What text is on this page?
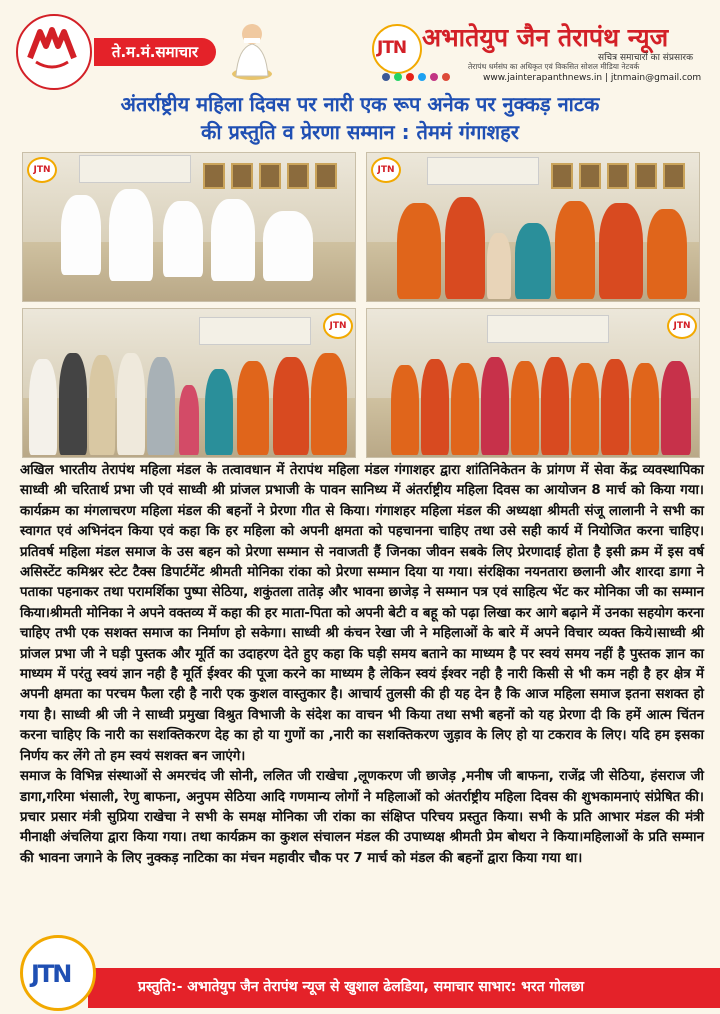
ते.म.मं.समाचार	JTN अभातेयुप जैन तेरापंथ न्यूज
सचित्र समाचारों का संप्रसारक
तेरापंथ धर्मसंघ का अधिकृत एवं विकसित सोशल मीडिया नेटवर्क
www.jainterapanthnews.in | jtnmain@gmail.com
अंतर्राष्ट्रीय महिला दिवस पर नारी एक रूप अनेक पर नुक्कड़ नाटक
की प्रस्तुति व प्रेरणा सम्मान : तेममं गंगाशहर
JTN	JTN
JTN	JTN

अखिल भारतीय तेरापंथ महिला मंडल के तत्वावधान में तेरापंथ महिला मंडल गंगाशहर द्वारा शांतिनिकेतन के प्रांगण में सेवा केंद्र व्यवस्थापिका साध्वी श्री चरितार्थ प्रभा जी एवं साध्वी श्री प्रांजल प्रभाजी के पावन सानिध्य में अंतर्राष्ट्रीय महिला दिवस का आयोजन 8 मार्च को किया गया। कार्यक्रम का मंगलाचरण महिला मंडल की बहनों ने प्रेरणा गीत से किया। गंगाशहर महिला मंडल की अध्यक्षा श्रीमती संजू लालानी ने सभी का स्वागत एवं अभिनंदन किया एवं कहा कि हर महिला को अपनी क्षमता को पहचानना चाहिए तथा उसे सही कार्य में नियोजित करना चाहिए। प्रतिवर्ष महिला मंडल समाज के उस बहन को प्रेरणा सम्मान से नवाजती हैं जिनका जीवन सबके लिए प्रेरणादाई होता है इसी क्रम में इस वर्ष असिस्टेंट कमिश्नर स्टेट टैक्स डिपार्टमेंट श्रीमती मोनिका रांका को प्रेरणा सम्मान दिया या गया। संरक्षिका नयनतारा छलानी और शारदा डागा ने पताका पहनाकर तथा परामर्शिका पुष्पा सेठिया, शकुंतला तातेड़ और भावना छाजेड़ ने सम्मान पत्र एवं साहित्य भेंट कर मोनिका जी का सम्मान किया।श्रीमती मोनिका ने अपने वक्तव्य में कहा की हर माता-पिता को अपनी बेटी व बहू को पढ़ा लिखा कर आगे बढ़ाने में उनका सहयोग करना चाहिए तभी एक सशक्त समाज का निर्माण हो सकेगा। साध्वी श्री कंचन रेखा जी ने महिलाओं के बारे में अपने विचार व्यक्त किये।साध्वी श्री प्रांजल प्रभा जी ने घड़ी पुस्तक और मूर्ति का उदाहरण देते हुए कहा कि घड़ी समय बताने का माध्यम है पर स्वयं समय नहीं है पुस्तक ज्ञान का माध्यम में परंतु स्वयं ज्ञान नही है मूर्ति ईश्वर की पूजा करने का माध्यम है लेकिन स्वयं ईश्वर नही है नारी किसी से भी कम नही है हर क्षेत्र में अपनी क्षमता का परचम फैला रही है नारी एक कुशल वास्तुकार है। आचार्य तुलसी की ही यह देन है कि आज महिला समाज इतना सशक्त हो गया है। साध्वी श्री जी ने साध्वी प्रमुखा विश्रुत विभाजी के संदेश का वाचन भी किया तथा सभी बहनों को यह प्रेरणा दी कि हमें आत्म चिंतन करना चाहिए कि नारी का सशक्तिकरण देह का हो या गुणों का ,नारी का सशक्तिकरण जुड़ाव के लिए हो या टकराव के लिए। यदि हम इसका निर्णय कर लेंगे तो हम स्वयं सशक्त बन जाएंगे।

समाज के विभिन्न संस्थाओं से अमरचंद जी सोनी, ललित जी राखेचा ,लूणकरण जी छाजेड़ ,मनीष जी बाफना, राजेंद्र जी सेठिया, हंसराज जी डागा,गरिमा भंसाली, रेणु बाफना, अनुपम सेठिया आदि गणमान्य लोगों ने महिलाओं को अंतर्राष्ट्रीय महिला दिवस की शुभकामनाएं संप्रेषित की। प्रचार प्रसार मंत्री सुप्रिया राखेचा ने सभी के समक्ष मोनिका जी रांका का संक्षिप्त परिचय प्रस्तुत किया। सभी के प्रति आभार मंडल की मंत्री मीनाक्षी अंचलिया द्वारा किया गया। तथा कार्यक्रम का कुशल संचालन मंडल की उपाध्यक्ष श्रीमती प्रेम बोथरा ने किया।महिलाओं के प्रति सम्मान की भावना जगाने के लिए नुक्कड़ नाटिका का मंचन महावीर चौक पर 7 मार्च को मंडल की बहनों द्वारा किया गया था।

JTN	प्रस्तुति:- अभातेयुप जैन तेरापंथ न्यूज से खुशाल ढेलडिया, समाचार साभार: भरत गोलछा
